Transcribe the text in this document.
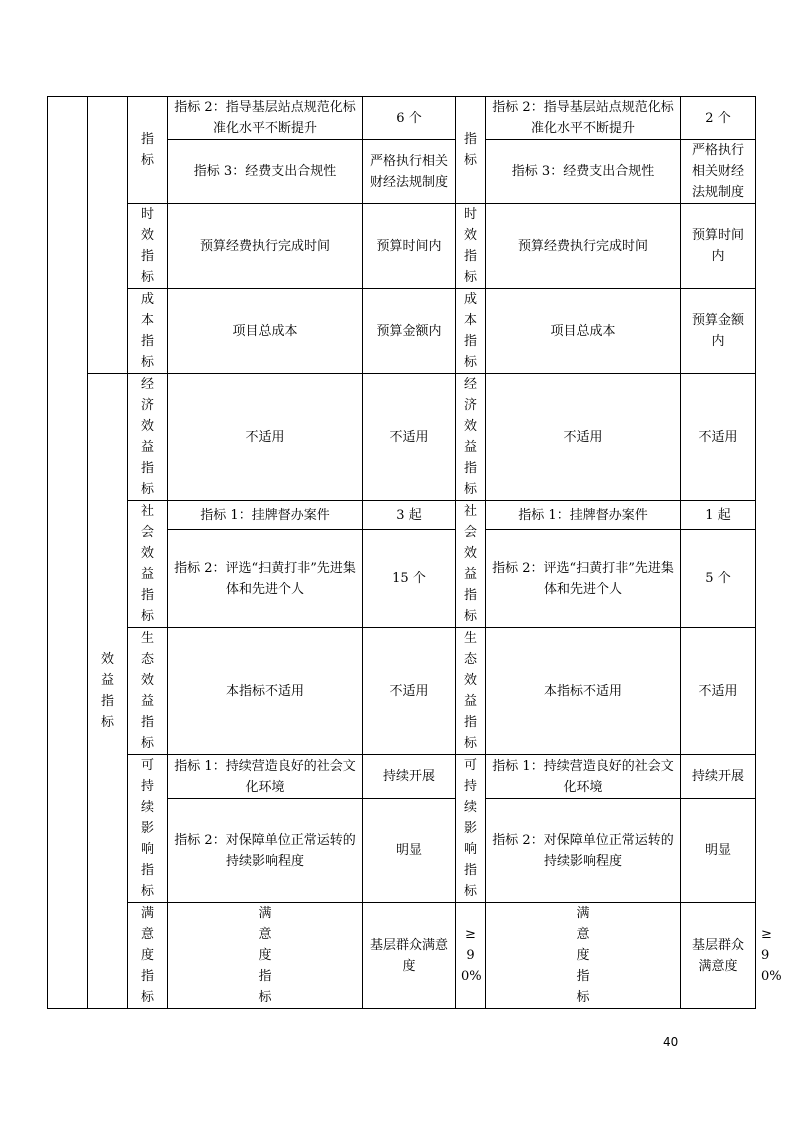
		指标	指标 2：指导基层站点规范化标准化水平不断提升	6 个	指标	指标 2：指导基层站点规范化标准化水平不断提升	2 个	
			指标 3：经费支出合规性	严格执行相关财经法规制度		指标 3：经费支出合规性	严格执行相关财经法规制度	

		时效指标	预算经费执行完成时间	预算时间内	时效指标	预算经费执行完成时间	预算时间内	

		成本指标	项目总成本	预算金额内	成本指标	项目总成本	预算金额内	

	效益指标	经济效益指标	不适用	不适用	经济效益指标	不适用	不适用	

		社会效益指标	指标 1：挂牌督办案件	3 起	社会效益指标	指标 1：挂牌督办案件	1 起	
			指标 2：评选“扫黄打非”先进集体和先进个人	15 个		指标 2：评选“扫黄打非”先进集体和先进个人	5 个	

		生态效益指标	本指标不适用	不适用	生态效益指标	本指标不适用	不适用	

		可持续影响指标	指标 1：持续营造良好的社会文化环境	持续开展	可持续影响指标	指标 1：持续营造良好的社会文化环境	持续开展	
			指标 2：对保障单位正常运转的持续影响程度	明显		指标 2：对保障单位正常运转的持续影响程度	明显	

		满意度指标	满意度指标	基层群众满意度	≥90%	满意度指标	基层群众满意度	≥90%
40
